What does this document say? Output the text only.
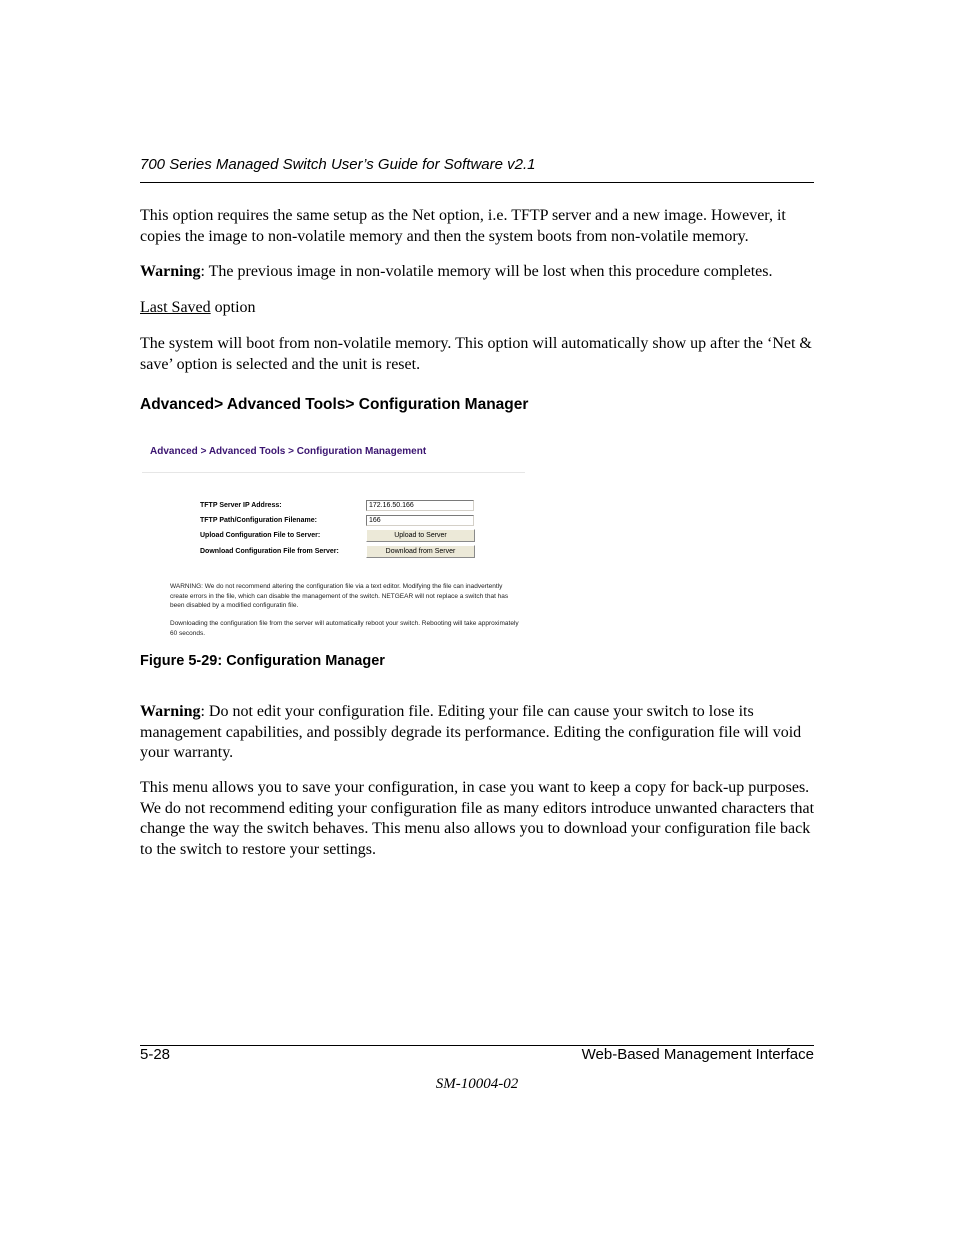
700 Series Managed Switch User’s Guide for Software v2.1
This option requires the same setup as the Net option, i.e. TFTP server and a new image. However, it copies the image to non-volatile memory and then the system boots from non-volatile memory.
Warning: The previous image in non-volatile memory will be lost when this procedure completes.
Last Saved option
The system will boot from non-volatile memory. This option will automatically show up after the ‘Net & save’ option is selected and the unit is reset.
Advanced> Advanced Tools> Configuration Manager
Advanced > Advanced Tools > Configuration Management
TFTP Server IP Address:	172.16.50.166
TFTP Path/Configuration Filename:	166
Upload Configuration File to Server:	Upload to Server
Download Configuration File from Server:	Download from Server
WARNING: We do not recommend altering the configuration file via a text editor. Modifying the file can inadvertently create errors in the file, which can disable the management of the switch. NETGEAR will not replace a switch that has been disabled by a modified configuratin file.
Downloading the configuration file from the server will automatically reboot your switch. Rebooting will take approximately 60 seconds.
Figure 5-29: Configuration Manager
Warning: Do not edit your configuration file. Editing your file can cause your switch to lose its management capabilities, and possibly degrade its performance. Editing the configuration file will void your warranty.
This menu allows you to save your configuration, in case you want to keep a copy for back-up purposes. We do not recommend editing your configuration file as many editors introduce unwanted characters that change the way the switch behaves. This menu also allows you to download your configuration file back to the switch to restore your settings.
5-28	Web-Based Management Interface
SM-10004-02
